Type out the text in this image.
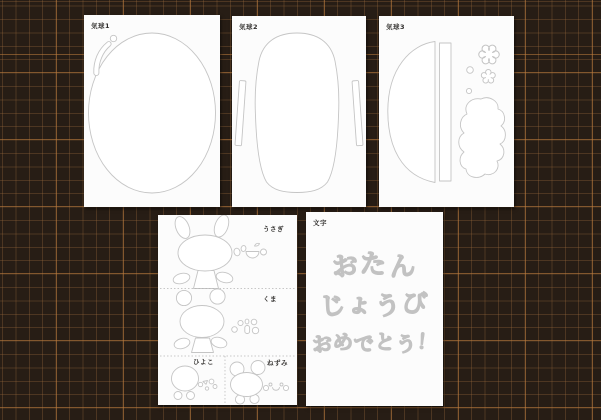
気球1	気球2	気球3
うさぎ
くま
ひよこ	ねずみ
文字
おたん
じょうび
おめでとう！
